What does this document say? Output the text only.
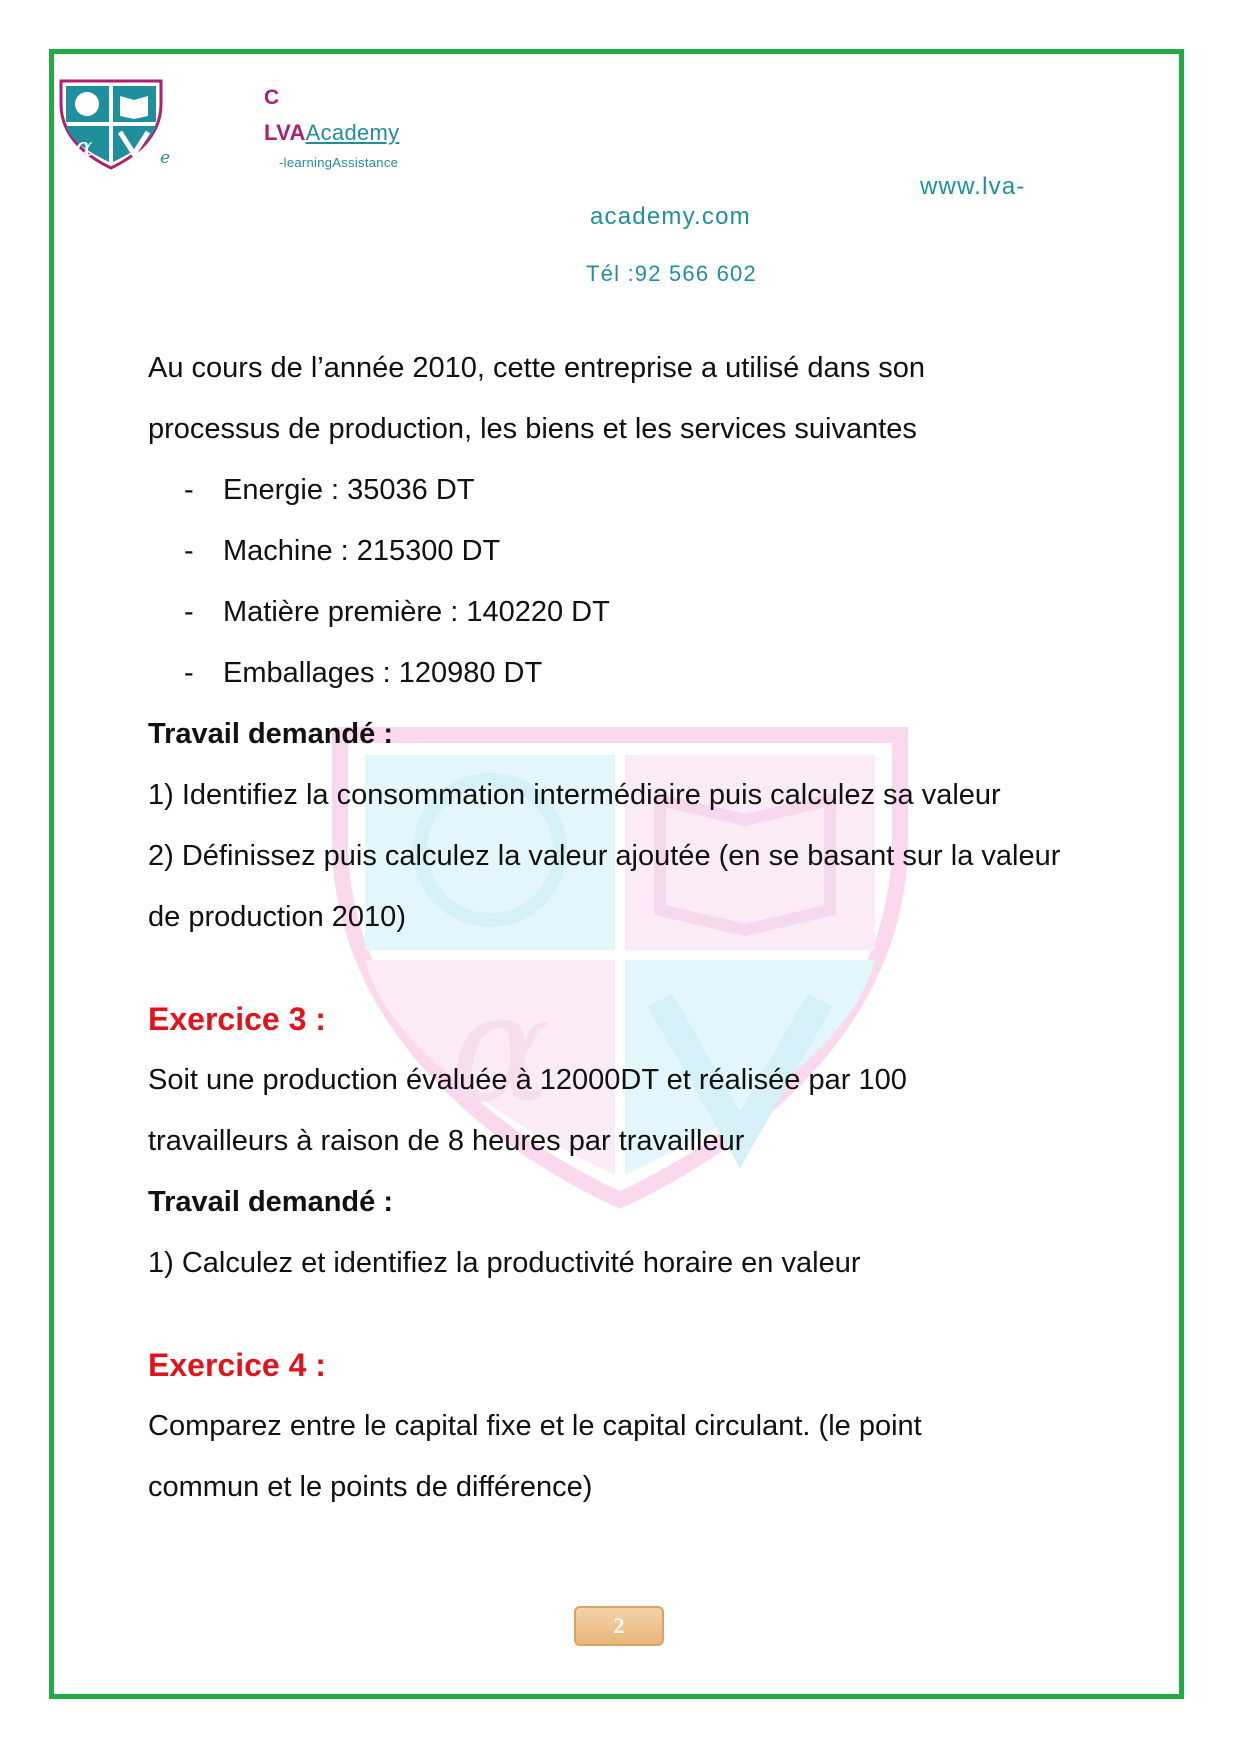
α
α	e
C
LVAAcademy
-learningAssistance
www.lva-
academy.com
Tél :92 566 602
Au cours de l’année 2010, cette entreprise a utilisé dans son
processus de production, les biens et les services suivantes
- Energie : 35036 DT
- Machine : 215300 DT
- Matière première : 140220 DT
- Emballages : 120980 DT
Travail demandé :
1) Identifiez la consommation intermédiaire puis calculez sa valeur
2) Définissez puis calculez la valeur ajoutée (en se basant sur la valeur
de production 2010)
Exercice 3 :
Soit une production évaluée à 12000DT et réalisée par 100
travailleurs à raison de 8 heures par travailleur
Travail demandé :
1) Calculez et identifiez la productivité horaire en valeur
Exercice 4 :
Comparez entre le capital fixe et le capital circulant. (le point
commun et le points de différence)
2
